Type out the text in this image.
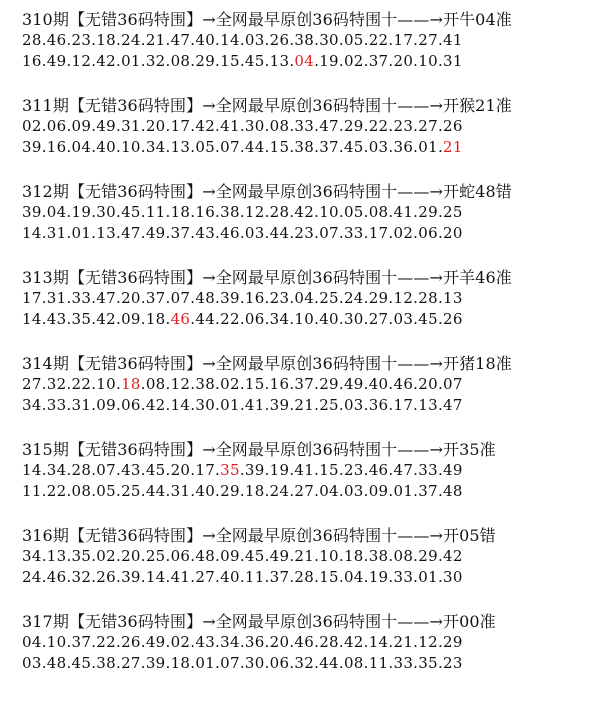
310期【无错36码特围】→全网最早原创36码特围十——→开牛04准
28.46.23.18.24.21.47.40.14.03.26.38.30.05.22.17.27.41
16.49.12.42.01.32.08.29.15.45.13.04.19.02.37.20.10.31
311期【无错36码特围】→全网最早原创36码特围十——→开猴21准
02.06.09.49.31.20.17.42.41.30.08.33.47.29.22.23.27.26
39.16.04.40.10.34.13.05.07.44.15.38.37.45.03.36.01.21
312期【无错36码特围】→全网最早原创36码特围十——→开蛇48错
39.04.19.30.45.11.18.16.38.12.28.42.10.05.08.41.29.25
14.31.01.13.47.49.37.43.46.03.44.23.07.33.17.02.06.20
313期【无错36码特围】→全网最早原创36码特围十——→开羊46准
17.31.33.47.20.37.07.48.39.16.23.04.25.24.29.12.28.13
14.43.35.42.09.18.46.44.22.06.34.10.40.30.27.03.45.26
314期【无错36码特围】→全网最早原创36码特围十——→开猪18准
27.32.22.10.18.08.12.38.02.15.16.37.29.49.40.46.20.07
34.33.31.09.06.42.14.30.01.41.39.21.25.03.36.17.13.47
315期【无错36码特围】→全网最早原创36码特围十——→开35准
14.34.28.07.43.45.20.17.35.39.19.41.15.23.46.47.33.49
11.22.08.05.25.44.31.40.29.18.24.27.04.03.09.01.37.48
316期【无错36码特围】→全网最早原创36码特围十——→开05错
34.13.35.02.20.25.06.48.09.45.49.21.10.18.38.08.29.42
24.46.32.26.39.14.41.27.40.11.37.28.15.04.19.33.01.30
317期【无错36码特围】→全网最早原创36码特围十——→开00准
04.10.37.22.26.49.02.43.34.36.20.46.28.42.14.21.12.29
03.48.45.38.27.39.18.01.07.30.06.32.44.08.11.33.35.23
